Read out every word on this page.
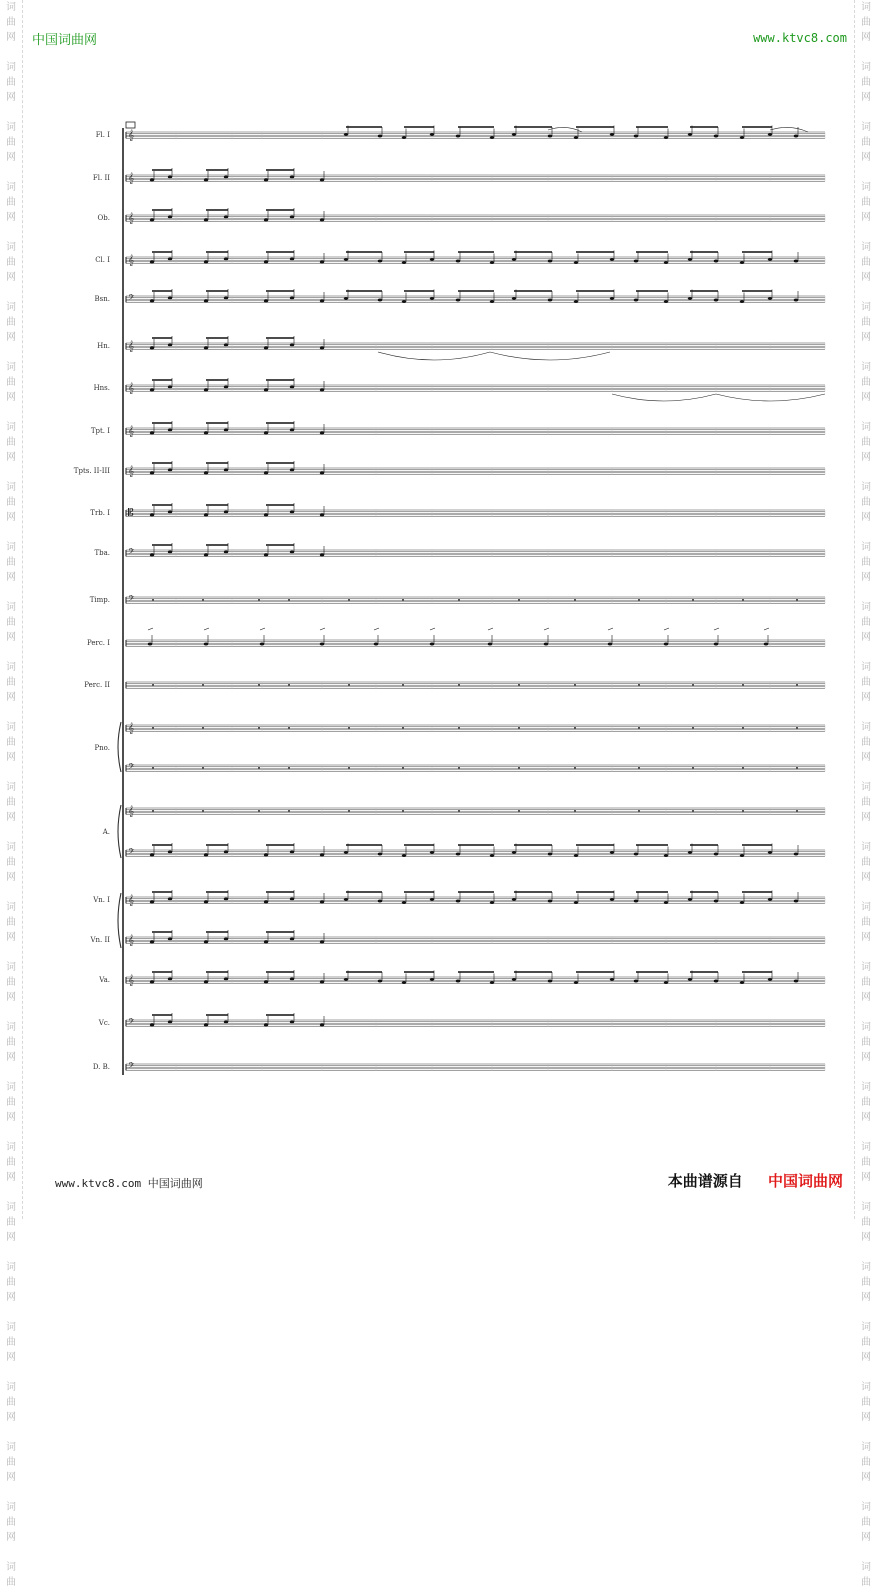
词
曲
网

词
曲
网

词
曲
网

词
曲
网

词
曲
网

词
曲
网

词
曲
网

词
曲
网

词
曲
网

词
曲
网

词
曲
网

词
曲
网

词
曲
网

词
曲
网

词
曲
网

词
曲
网

词
曲
网

词
曲
网

词
曲
网

词
曲
网

词
曲
网

词
曲
网

词
曲
网

词
曲
网

词
曲
网

词
曲
网

词
曲

词
曲
网

词
曲
网

词
曲
网

词
曲
网

词
曲
网

词
曲
网

词
曲
网

词
曲
网

词
曲
网

词
曲
网

词
曲
网

词
曲
网

词
曲
网

词
曲
网

词
曲
网

词
曲
网

词
曲
网

词
曲
网

词
曲
网

词
曲
网

词
曲
网

词
曲
网

词
曲
网

词
曲
网

词
曲
网

词
曲
网

词
曲

中国词曲网	www.ktvc8.com
Fl. I
Fl. II
Ob.
Cl. I
Bsn.
Hn.
Hns.
Tpt. I
Tpts. II-III
Trb. I
Tba.
Timp.
Perc. I
Perc. II
Pno.
A.
Vn. I
Vn. II
Va.
Vc.
D. B.
𝄞
𝄞
𝄞
𝄞
𝄢
𝄞
𝄞
𝄞
𝄞
𝄡
𝄢
𝄢
𝄞
𝄢
𝄞
𝄢
𝄞
𝄞
𝄞
𝄢
𝄢
www.ktvc8.com 中国词曲网	本曲谱源自 中国词曲网
